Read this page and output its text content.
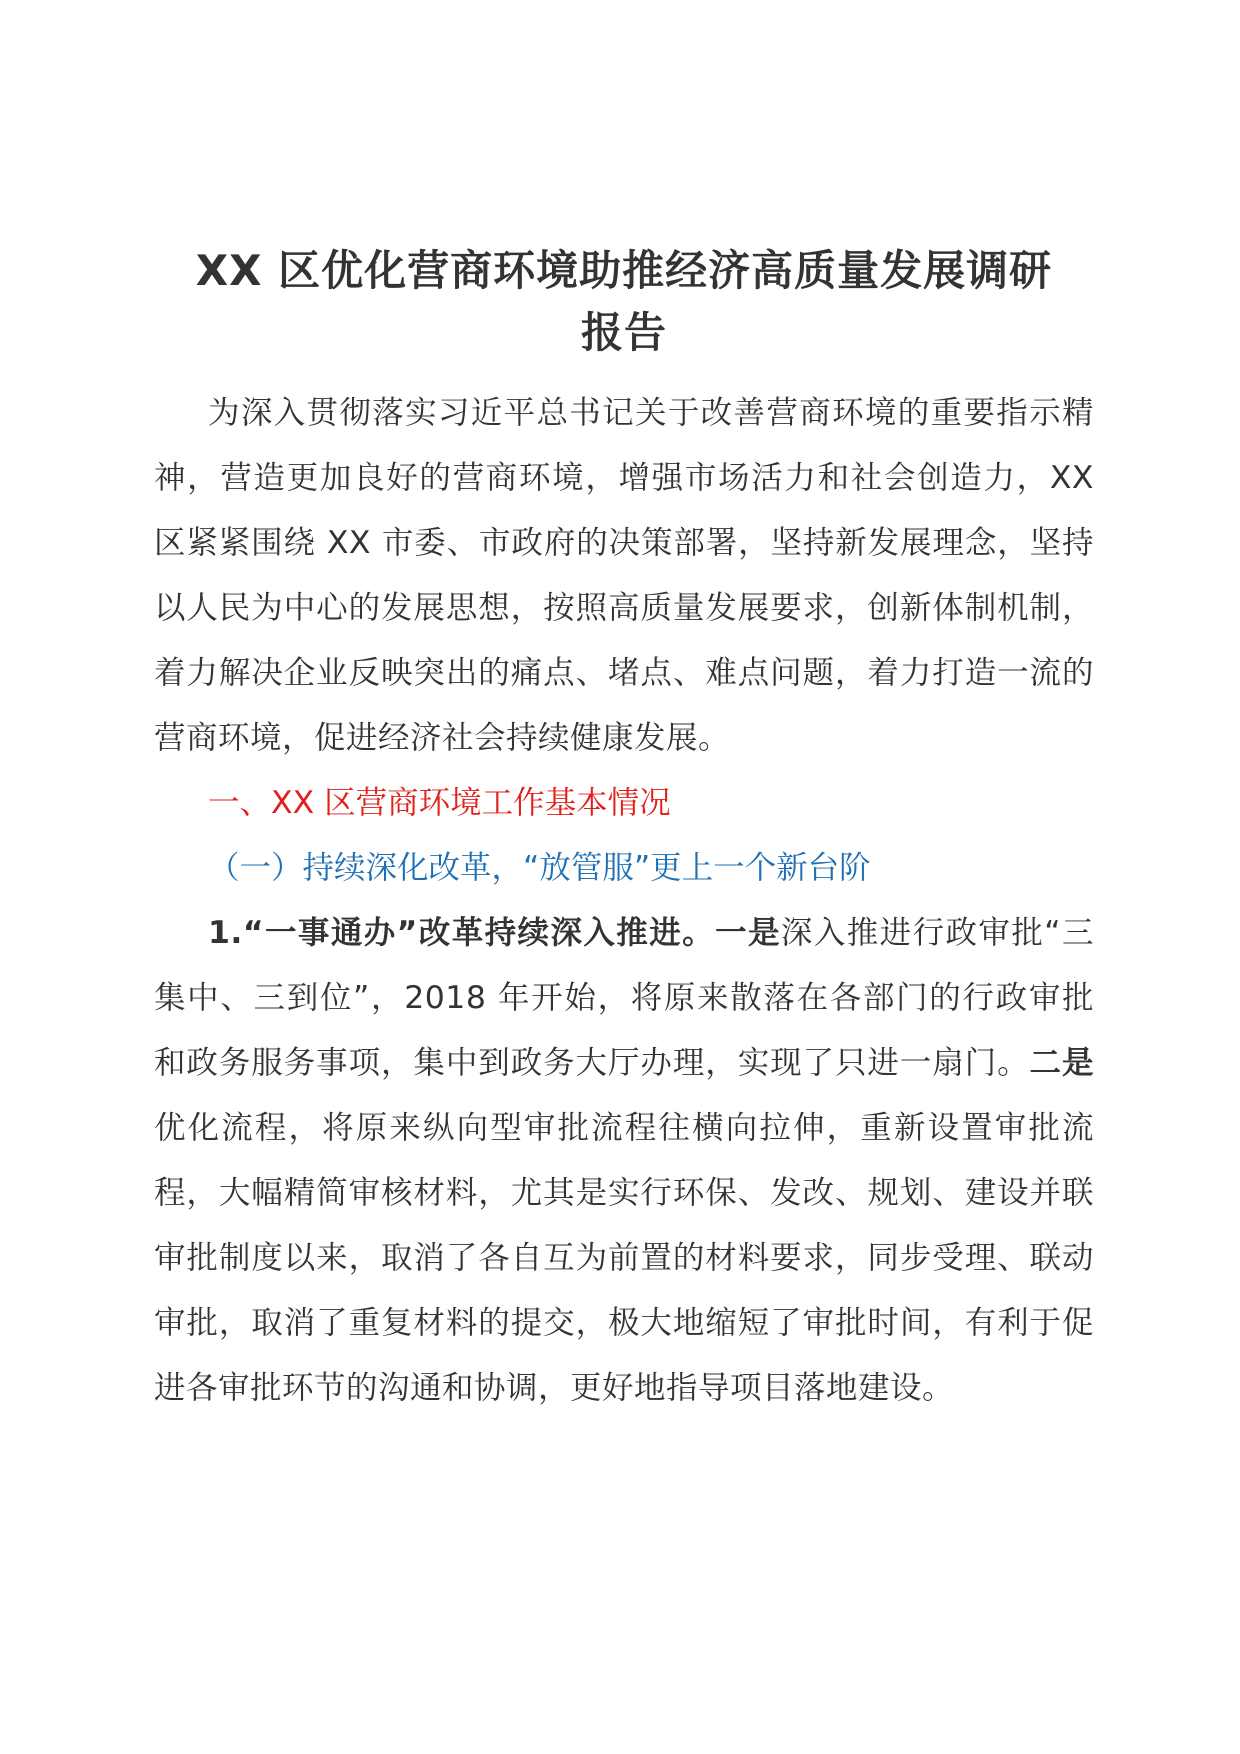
XX 区优化营商环境助推经济高质量发展调研
报告

为深入贯彻落实习近平总书记关于改善营商环境的重要指示精神，营造更加良好的营商环境，增强市场活力和社会创造力，XX 区紧紧围绕 XX 市委、市政府的决策部署，坚持新发展理念，坚持以人民为中心的发展思想，按照高质量发展要求，创新体制机制，着力解决企业反映突出的痛点、堵点、难点问题，着力打造一流的营商环境，促进经济社会持续健康发展。

一、XX 区营商环境工作基本情况

（一）持续深化改革，“放管服”更上一个新台阶

1.“一事通办”改革持续深入推进。一是深入推进行政审批“三集中、三到位”，2018 年开始，将原来散落在各部门的行政审批和政务服务事项，集中到政务大厅办理，实现了只进一扇门。二是优化流程，将原来纵向型审批流程往横向拉伸，重新设置审批流程，大幅精简审核材料，尤其是实行环保、发改、规划、建设并联审批制度以来，取消了各自互为前置的材料要求，同步受理、联动审批，取消了重复材料的提交，极大地缩短了审批时间，有利于促进各审批环节的沟通和协调，更好地指导项目落地建设。
